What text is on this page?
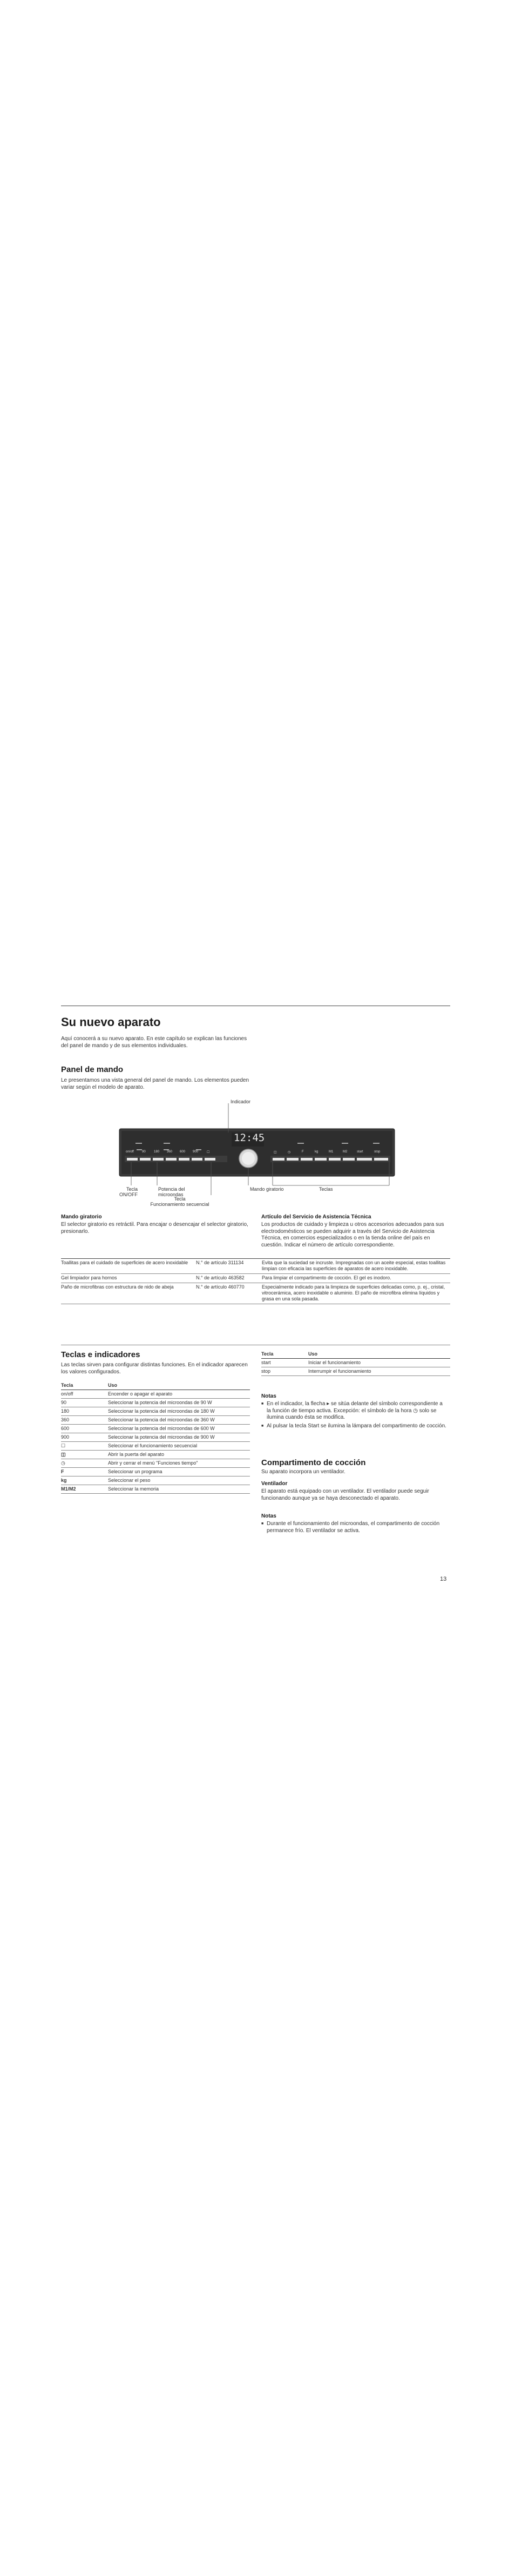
Su nuevo aparato
Aquí conocerá a su nuevo aparato. En este capítulo se explican las funciones del panel de mando y de sus elementos individuales.
Panel de mando
Le presentamos una vista general del panel de mando. Los elementos pueden variar según el modelo de aparato.
on/off	90	180 360 600 900	☐	◫	◷	F	kg	M1	M2	start	stop
12:45
Indicador
Tecla
ON/OFF
Potencia del
microondas
Tecla
Funcionamiento secuencial
Mando giratorio	Teclas
Mando giratorio
El selector giratorio es retráctil. Para encajar o desencajar el selector giratorio, presionarlo.
Artículo del Servicio de Asistencia Técnica
Los productos de cuidado y limpieza u otros accesorios adecuados para sus electrodomésticos se pueden adquirir a través del Servicio de Asistencia Técnica, en comercios especializados o en la tienda online del país en cuestión. Indicar el número de artículo correspondiente.
Toallitas para el cuidado de superficies de acero inoxidable	N.° de artículo 311134	Evita que la suciedad se incruste. Impregnadas con un aceite especial, estas toallitas limpian con eficacia las superficies de aparatos de acero inoxidable.
Gel limpiador para hornos	N.° de artículo 463582	Para limpiar el compartimento de cocción. El gel es inodoro.
Paño de microfibras con estructura de nido de abeja	N.° de artículo 460770	Especialmente indicado para la limpieza de superficies delicadas como, p. ej., cristal, vitrocerámica, acero inoxidable o aluminio. El paño de microfibra elimina líquidos y grasa en una sola pasada.
Teclas e indicadores
Las teclas sirven para configurar distintas funciones. En el indicador aparecen los valores configurados.
Tecla	Uso
on/off	Encender o apagar el aparato
90	Seleccionar la potencia del microondas de 90 W
180	Seleccionar la potencia del microondas de 180 W
360	Seleccionar la potencia del microondas de 360 W
600	Seleccionar la potencia del microondas de 600 W
900	Seleccionar la potencia del microondas de 900 W
☐	Seleccionar el funcionamiento secuencial
◫	Abrir la puerta del aparato
◷	Abrir y cerrar el menú "Funciones tiempo"
F	Seleccionar un programa
kg	Seleccionar el peso
M1/M2	Seleccionar la memoria
Tecla	Uso
start	Iniciar el funcionamiento
stop	Interrumpir el funcionamiento
Notas
■ En el indicador, la flecha ▸ se sitúa delante del símbolo correspondiente a la función de tiempo activa. Excepción: el símbolo de la hora ◷ solo se ilumina cuando ésta se modifica.
■ Al pulsar la tecla Start se ilumina la lámpara del compartimento de cocción.
Compartimento de cocción
Su aparato incorpora un ventilador.
Ventilador
El aparato está equipado con un ventilador. El ventilador puede seguir funcionando aunque ya se haya desconectado el aparato.
Notas
■ Durante el funcionamiento del microondas, el compartimento de cocción permanece frío. El ventilador se activa.
13
